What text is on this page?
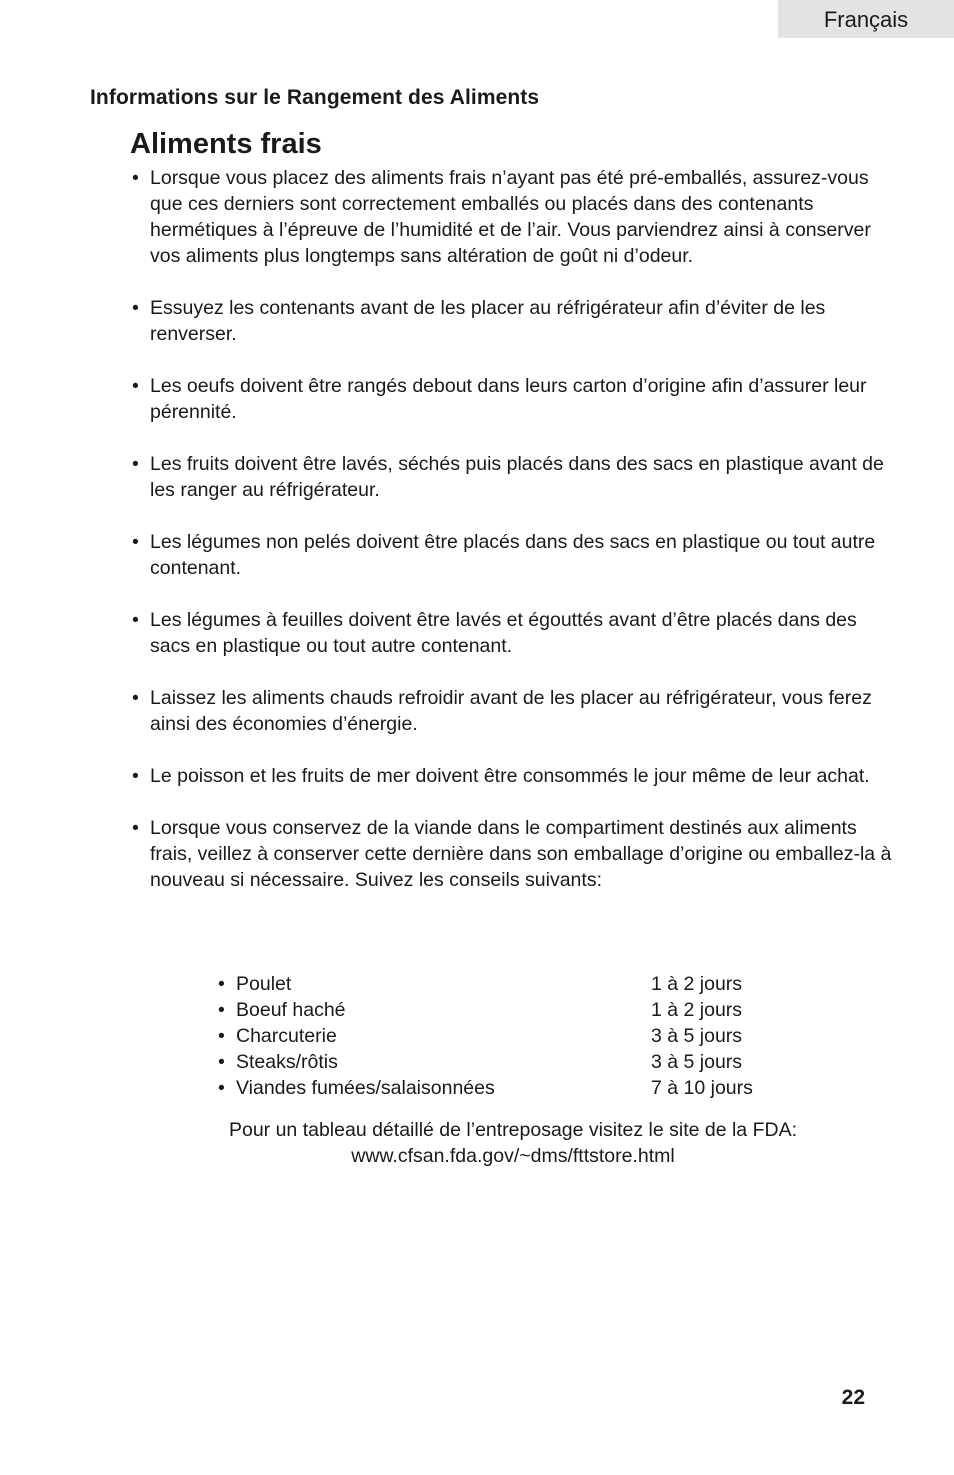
Français
Informations sur le Rangement des Aliments
Aliments frais
• Lorsque vous placez des aliments frais n’ayant pas été pré-emballés, assurez-vous que ces derniers sont correctement emballés ou placés dans des contenants hermétiques à l’épreuve de l’humidité et de l’air. Vous parviendrez ainsi à conserver vos aliments plus longtemps sans altération de goût ni d’odeur.
• Essuyez les contenants avant de les placer au réfrigérateur afin d’éviter de les renverser.
• Les oeufs doivent être rangés debout dans leurs carton d’origine afin d’assurer leur pérennité.
• Les fruits doivent être lavés, séchés puis placés dans des sacs en plastique avant de les ranger au réfrigérateur.
• Les légumes non pelés doivent être placés dans des sacs en plastique ou tout autre contenant.
• Les légumes à feuilles doivent être lavés et égouttés avant d’être placés dans des sacs en plastique ou tout autre contenant.
• Laissez les aliments chauds refroidir avant de les placer au réfrigérateur, vous ferez ainsi des économies d’énergie.
• Le poisson et les fruits de mer doivent être consommés le jour même de leur achat.
• Lorsque vous conservez de la viande dans le compartiment destinés aux aliments frais, veillez à conserver cette dernière dans son emballage d’origine ou emballez-la à nouveau si nécessaire. Suivez les conseils suivants:
• Poulet	1 à 2 jours
• Boeuf haché	1 à 2 jours
• Charcuterie	3 à 5 jours
• Steaks/rôtis	3 à 5 jours
• Viandes fumées/salaisonnées	7 à 10 jours
Pour un tableau détaillé de l’entreposage visitez le site de la FDA:
www.cfsan.fda.gov/~dms/fttstore.html
22
